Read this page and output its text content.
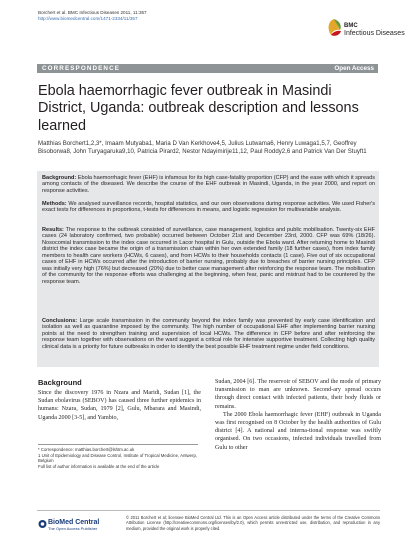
Borchert et al. BMC Infectious Diseases 2011, 11:357
http://www.biomedcentral.com/1471-2334/11/357
BMC
Infectious Diseases
CORRESPONDENCE	Open Access
Ebola haemorrhagic fever outbreak in Masindi District, Uganda: outbreak description and lessons learned
Matthias Borchert1,2,3*, Imaam Mutyaba1, Maria D Van Kerkhove4,5, Julius Lutwama6, Henry Luwaga1,5,7, Geoffrey Bisoborwa8, John Turyagaruka9,10, Patricia Pirard2, Nestor Ndayimirije11,12, Paul Roddy2,6 and Patrick Van Der Stuyft1

Background: Ebola haemorrhagic fever (EHF) is infamous for its high case-fatality proportion (CFP) and the ease with which it spreads among contacts of the diseased. We describe the course of the EHF outbreak in Masindi, Uganda, in the year 2000, and report on response activities.

Methods: We analysed surveillance records, hospital statistics, and our own observations during response activities. We used Fisher's exact tests for differences in proportions, t-tests for differences in means, and logistic regression for multivariable analysis.

Results: The response to the outbreak consisted of surveillance, case management, logistics and public mobilisation. Twenty-six EHF cases (24 laboratory confirmed, two probable) occurred between October 21st and December 23rd, 2000. CFP was 69% (18/26). Nosocomial transmission to the index case occurred in Lacor hospital in Gulu, outside the Ebola ward. After returning home to Masindi district the index case became the origin of a transmission chain within her own extended family (18 further cases), from index family members to health care workers (HCWs, 6 cases), and from HCWs to their households contacts (1 case). Five out of six occupational cases of EHF in HCWs occurred after the introduction of barrier nursing, probably due to breaches of barrier nursing principles. CFP was initially very high (76%) but decreased (20%) due to better case management after reinforcing the response team. The mobilisation of the community for the response efforts was challenging at the beginning, when fear, panic and mistrust had to be countered by the response team.

Conclusions: Large scale transmission in the community beyond the index family was prevented by early case identification and isolation as well as quarantine imposed by the community. The high number of occupational EHF after implementing barrier nursing points at the need to strengthen training and supervision of local HCWs. The difference in CFP before and after reinforcing the response team together with observations on the ward suggest a critical role for intensive supportive treatment. Collecting high quality clinical data is a priority for future outbreaks in order to identify the best possible EHF treatment regime under field conditions.

Background

Since the discovery 1976 in Nzara and Maridi, Sudan [1], the Sudan ebolavirus (SEBOV) has caused three further epidemics in humans: Nzara, Sudan, 1979 [2], Gulu, Mbarara and Masindi, Uganda 2000 [3-5], and Yambio,

Sudan, 2004 [6]. The reservoir of SEBOV and the mode of primary transmission to man are unknown. Second-ary spread occurs through direct contact with infected patients, their body fluids or remains.

The 2000 Ebola haemorrhagic fever (EHF) outbreak in Uganda was first recognised on 8 October by the health authorities of Gulu district [4]. A national and interna-tional response was swiftly organised. On two occasions, infected individuals travelled from Gulu to other

* Correspondence: matthias.borchert@lshtm.ac.uk
1 Unit of Epidemiology and Disease Control, Institute of Tropical Medicine, Antwerp, Belgium
Full list of author information is available at the end of the article
BioMed Central
The Open Access Publisher
© 2011 Borchert et al; licensee BioMed Central Ltd. This is an Open Access article distributed under the terms of the Creative Commons Attribution License (http://creativecommons.org/licenses/by/2.0), which permits unrestricted use, distribution, and reproduction in any medium, provided the original work is properly cited.
